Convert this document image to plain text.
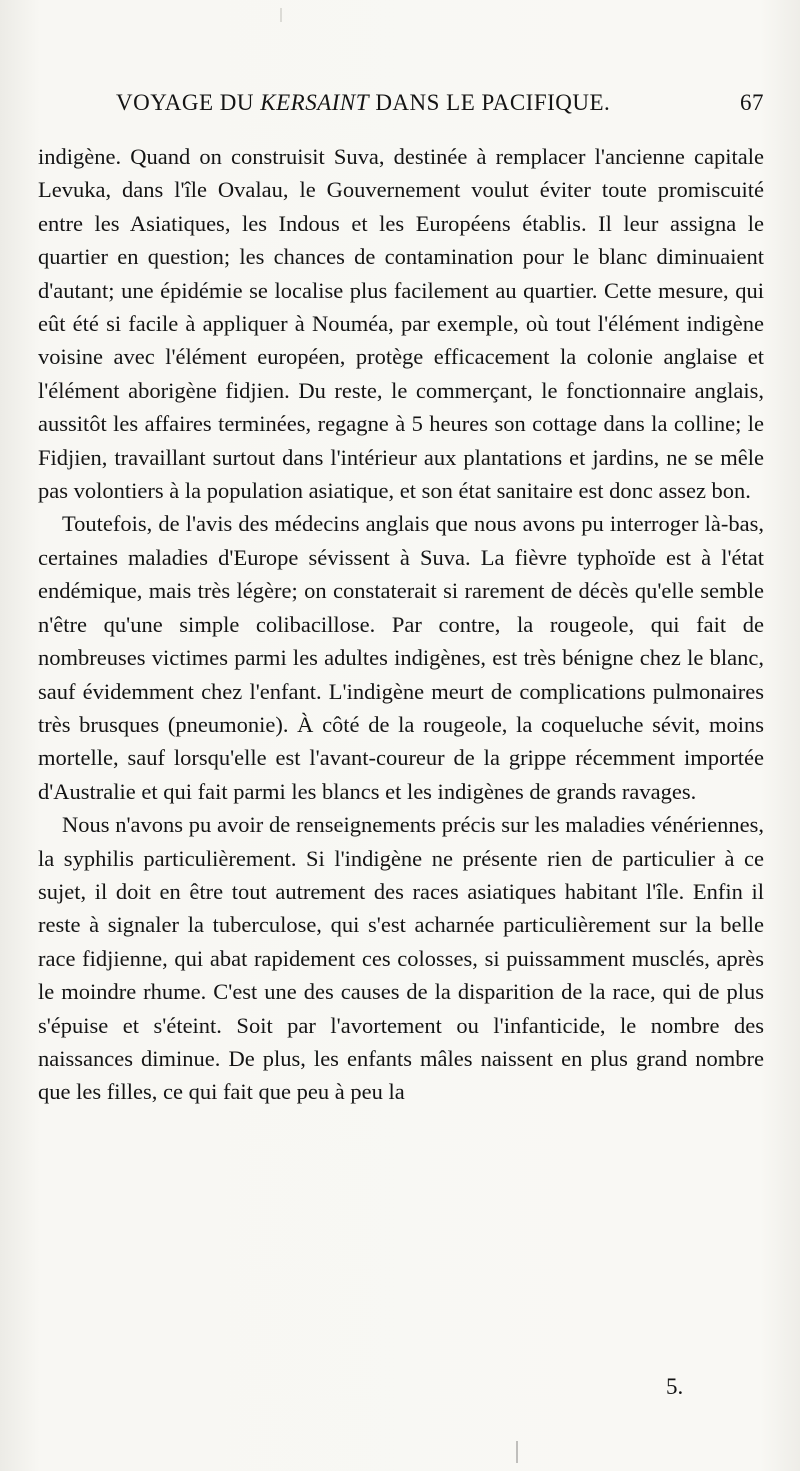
VOYAGE DU KERSAINT DANS LE PACIFIQUE.	67

indigène. Quand on construisit Suva, destinée à remplacer l'ancienne capitale Levuka, dans l'île Ovalau, le Gouvernement voulut éviter toute promiscuité entre les Asiatiques, les Indous et les Européens établis. Il leur assigna le quartier en question; les chances de contamination pour le blanc diminuaient d'autant; une épidémie se localise plus facilement au quartier. Cette mesure, qui eût été si facile à appliquer à Nouméa, par exemple, où tout l'élément indigène voisine avec l'élément européen, protège efficacement la colonie anglaise et l'élément aborigène fidjien. Du reste, le commerçant, le fonctionnaire anglais, aussitôt les affaires terminées, regagne à 5 heures son cottage dans la colline; le Fidjien, travaillant surtout dans l'intérieur aux plantations et jardins, ne se mêle pas volontiers à la population asiatique, et son état sanitaire est donc assez bon.

Toutefois, de l'avis des médecins anglais que nous avons pu interroger là-bas, certaines maladies d'Europe sévissent à Suva. La fièvre typhoïde est à l'état endémique, mais très légère; on constaterait si rarement de décès qu'elle semble n'être qu'une simple colibacillose. Par contre, la rougeole, qui fait de nombreuses victimes parmi les adultes indigènes, est très bénigne chez le blanc, sauf évidemment chez l'enfant. L'indigène meurt de complications pulmonaires très brusques (pneumonie). À côté de la rougeole, la coqueluche sévit, moins mortelle, sauf lorsqu'elle est l'avant-coureur de la grippe récemment importée d'Australie et qui fait parmi les blancs et les indigènes de grands ravages.

Nous n'avons pu avoir de renseignements précis sur les maladies vénériennes, la syphilis particulièrement. Si l'indigène ne présente rien de particulier à ce sujet, il doit en être tout autrement des races asiatiques habitant l'île. Enfin il reste à signaler la tuberculose, qui s'est acharnée particulièrement sur la belle race fidjienne, qui abat rapidement ces colosses, si puissamment musclés, après le moindre rhume. C'est une des causes de la disparition de la race, qui de plus s'épuise et s'éteint. Soit par l'avortement ou l'infanticide, le nombre des naissances diminue. De plus, les enfants mâles naissent en plus grand nombre que les filles, ce qui fait que peu à peu la

5.
